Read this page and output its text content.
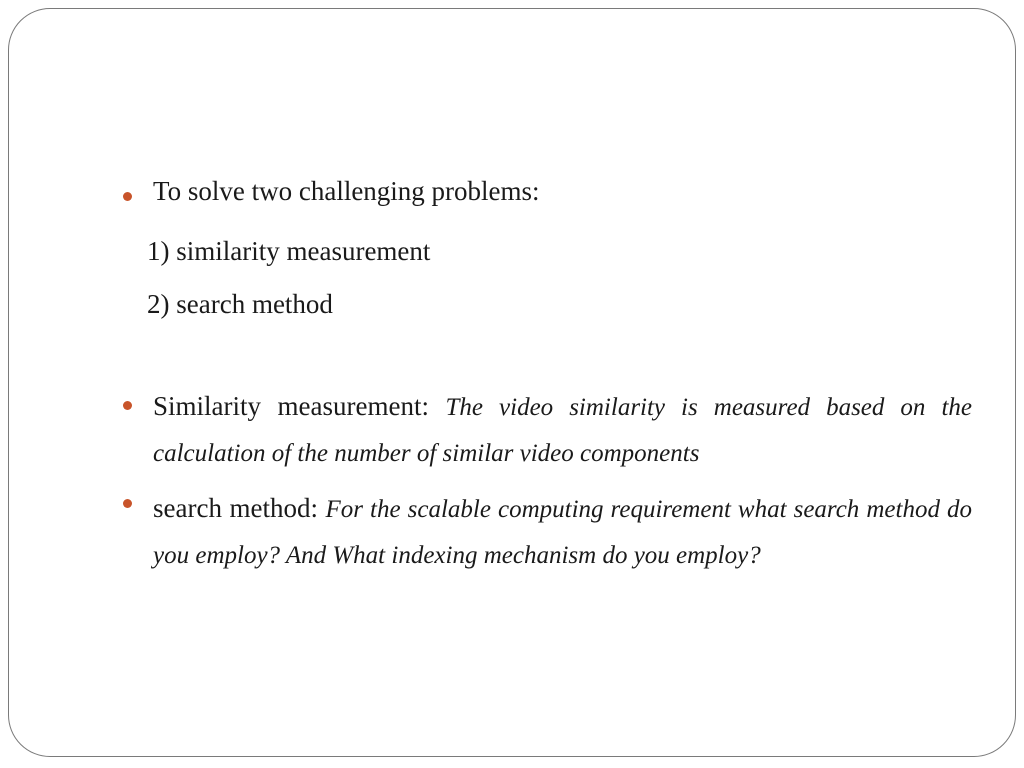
To solve two challenging problems:
1) similarity measurement
2) search method
Similarity measurement: The video similarity is measured based on the calculation of the number of similar video components
search method: For the scalable computing requirement what search method do you employ? And What indexing mechanism do you employ?
